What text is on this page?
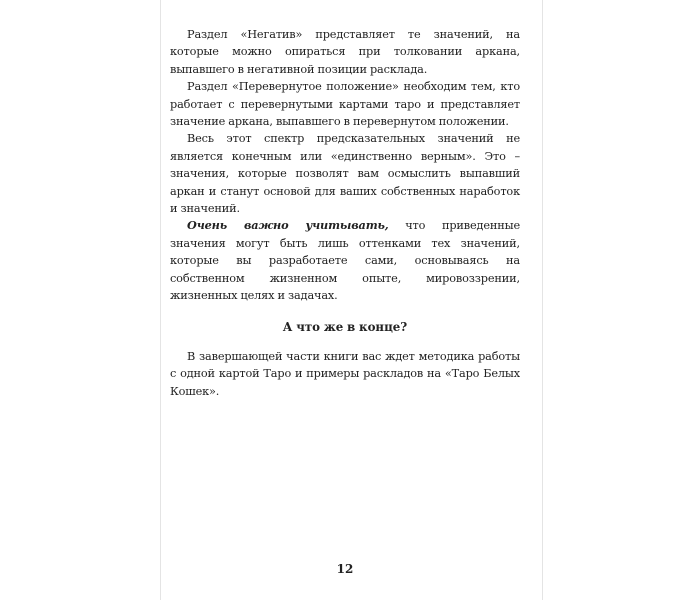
Раздел «Негатив» представляет те значений, на которые можно опираться при толковании аркана, выпавшего в негативной позиции расклада.

Раздел «Перевернутое положение» необходим тем, кто работает с перевернутыми картами таро и представляет значение аркана, выпавшего в перевернутом положении.

Весь этот спектр предсказательных значений не является конечным или «единственно верным». Это – значения, которые позволят вам осмыслить выпавший аркан и станут основой для ваших собственных наработок и значений.

Очень важно учитывать, что приведенные значения могут быть лишь оттенками тех значений, которые вы разработаете сами, основываясь на собственном жизненном опыте, мировоззрении, жизненных целях и задачах.

А что же в конце?

В завершающей части книги вас ждет методика работы с одной картой Таро и примеры раскладов на «Таро Белых Кошек».

12
